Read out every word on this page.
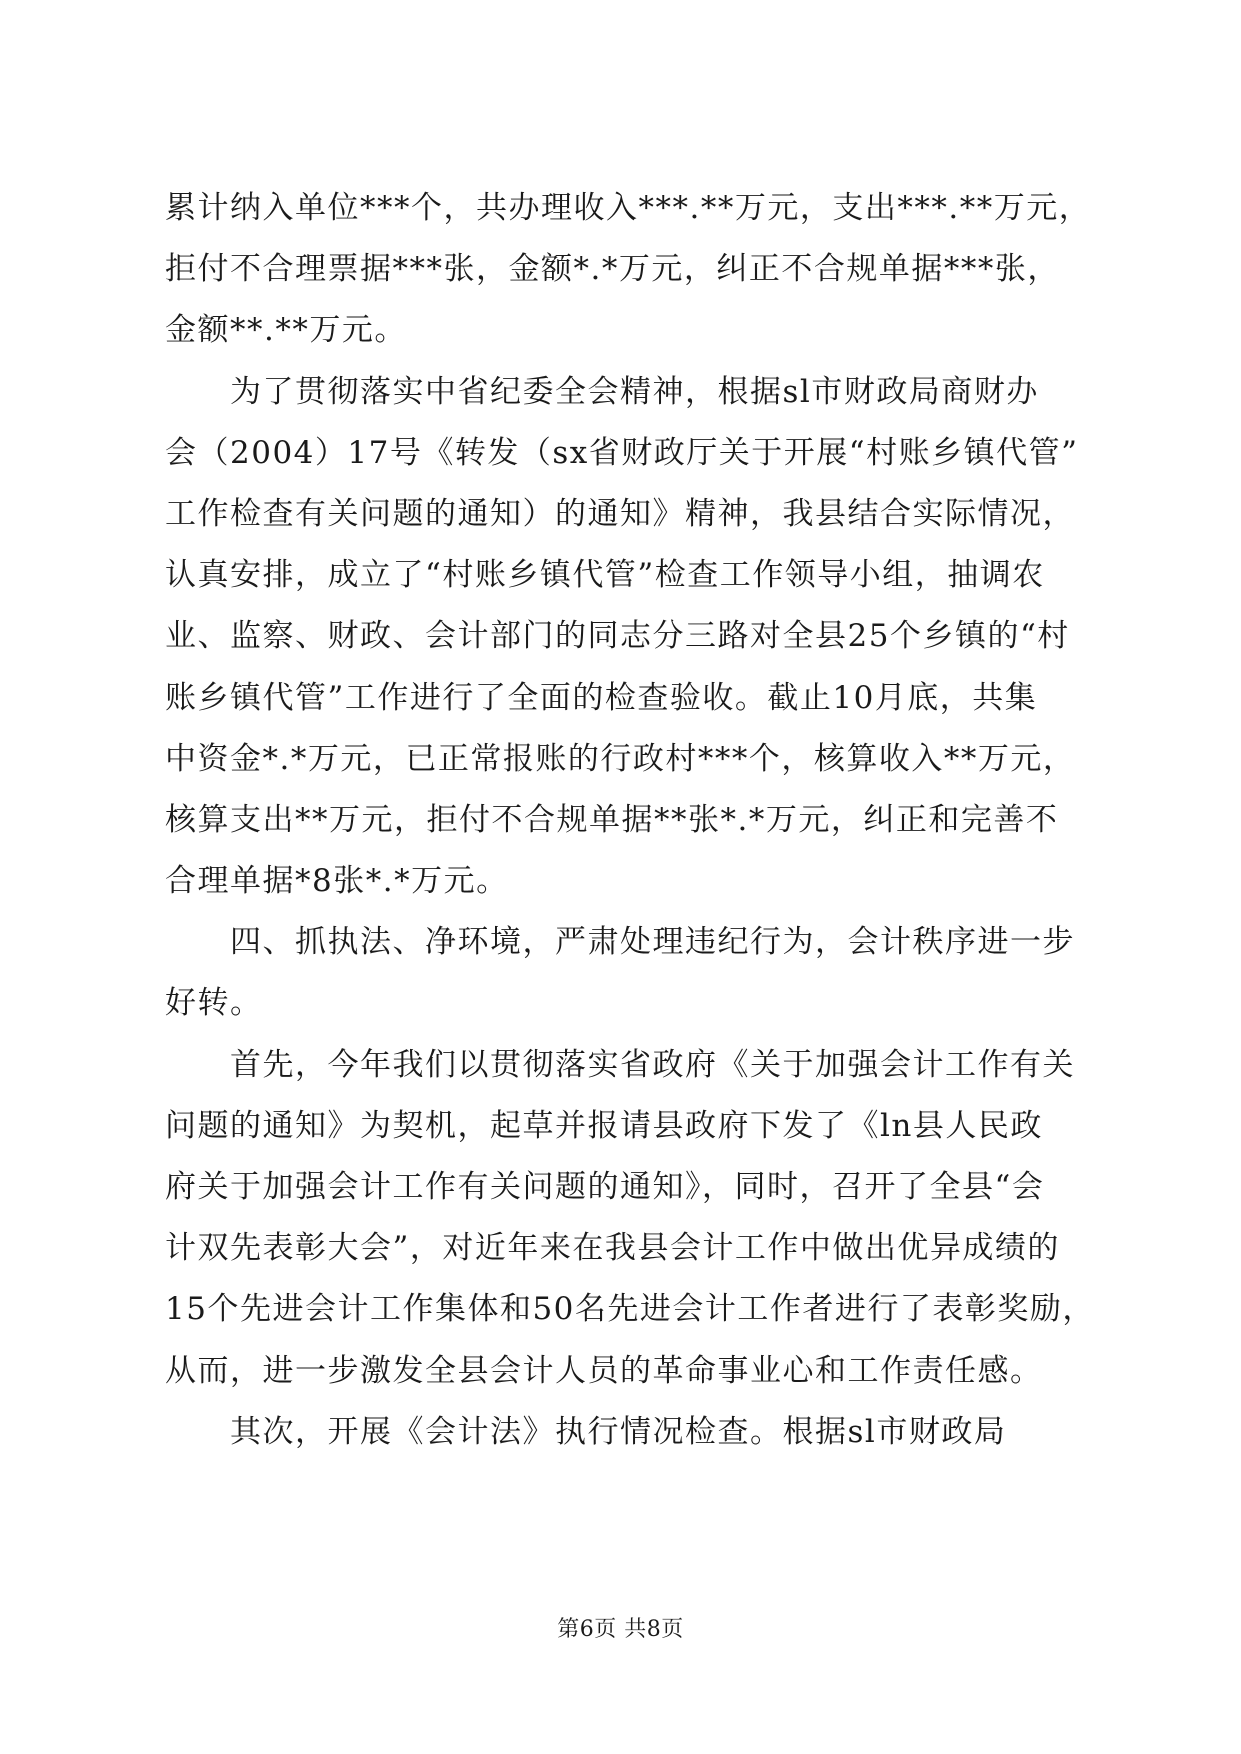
累计纳入单位***个，共办理收入***.**万元，支出***.**万元，
拒付不合理票据***张，金额*.*万元，纠正不合规单据***张，
金额**.**万元。
为了贯彻落实中省纪委全会精神，根据sl市财政局商财办
会（2004）17号《转发（sx省财政厅关于开展“村账乡镇代管”
工作检查有关问题的通知）的通知》精神，我县结合实际情况，
认真安排，成立了“村账乡镇代管”检查工作领导小组，抽调农
业、监察、财政、会计部门的同志分三路对全县25个乡镇的“村
账乡镇代管”工作进行了全面的检查验收。截止10月底，共集
中资金*.*万元，已正常报账的行政村***个，核算收入**万元，
核算支出**万元，拒付不合规单据**张*.*万元，纠正和完善不
合理单据*8张*.*万元。
四、抓执法、净环境，严肃处理违纪行为，会计秩序进一步
好转。
首先，今年我们以贯彻落实省政府《关于加强会计工作有关
问题的通知》为契机，起草并报请县政府下发了《ln县人民政
府关于加强会计工作有关问题的通知》，同时，召开了全县“会
计双先表彰大会”，对近年来在我县会计工作中做出优异成绩的
15个先进会计工作集体和50名先进会计工作者进行了表彰奖励，
从而，进一步激发全县会计人员的革命事业心和工作责任感。
其次，开展《会计法》执行情况检查。根据sl市财政局
第6页 共8页
